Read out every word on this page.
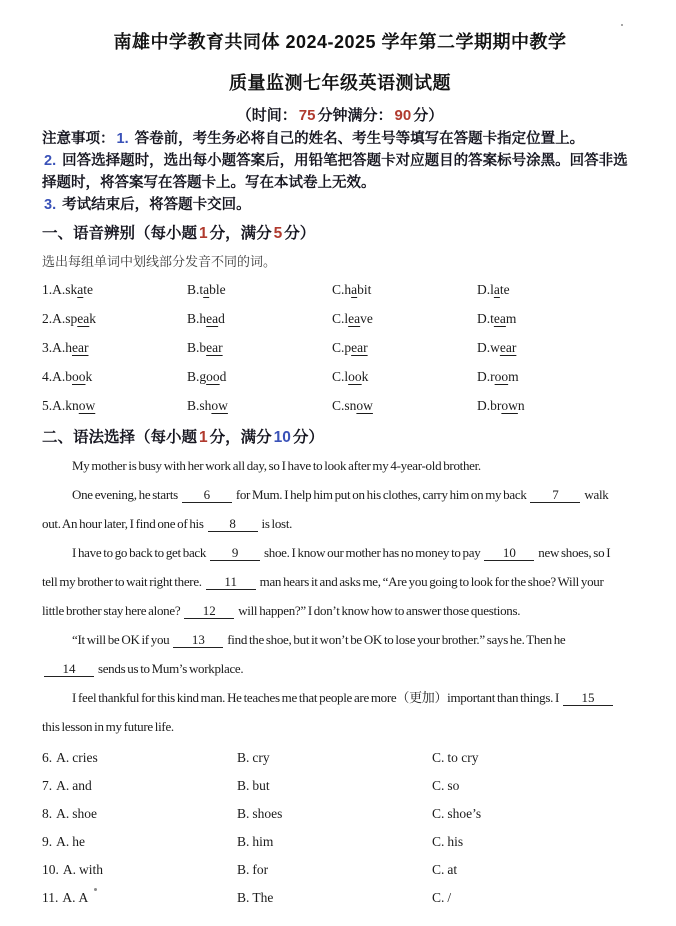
南雄中学教育共同体 2024-2025 学年第二学期期中教学
质量监测七年级英语测试题
（时间： 75 分钟满分： 90 分）
注意事项： 1. 答卷前，考生务必将自己的姓名、考生号等填写在答题卡指定位置上。
2. 回答选择题时，选出每小题答案后，用铅笔把答题卡对应题目的答案标号涂黑。回答非选择题时，将答案写在答题卡上。写在本试卷上无效。
3. 考试结束后，将答题卡交回。
一、语音辨别（每小题 1 分，满分 5 分）
选出每组单词中划线部分发音不同的词。
1.A.skate	B.table	C.habit	D.late
2.A.speak	B.head	C.leave	D.team
3.A.hear	B.bear	C.pear	D.wear
4.A.book	B.good	C.look	D.room
5.A.know	B.show	C.snow	D.brown
二、语法选择（每小题 1 分，满分 10 分）
My mother is busy with her work all day, so I have to look after my 4-year-old brother.
One evening, he starts 6 for Mum. I help him put on his clothes, carry him on my back 7 walk
out. An hour later, I find one of his 8 is lost.
I have to go back to get back 9 shoe. I know our mother has no money to pay 10 new shoes, so I
tell my brother to wait right there. 11 man hears it and asks me, “Are you going to look for the shoe? Will your
little brother stay here alone? 12 will happen?” I don’t know how to answer those questions.
“It will be OK if you 13 find the shoe, but it won’t be OK to lose your brother.” says he. Then he
14 sends us to Mum’s workplace.
I feel thankful for this kind man. He teaches me that people are more（更加）important than things. I 15
this lesson in my future life.
6. A. cries	B. cry	C. to cry
7. A. and	B. but	C. so
8. A. shoe	B. shoes	C. shoe’s
9. A. he	B. him	C. his
10. A. with	B. for	C. at
11. A. A	B. The	C. /
